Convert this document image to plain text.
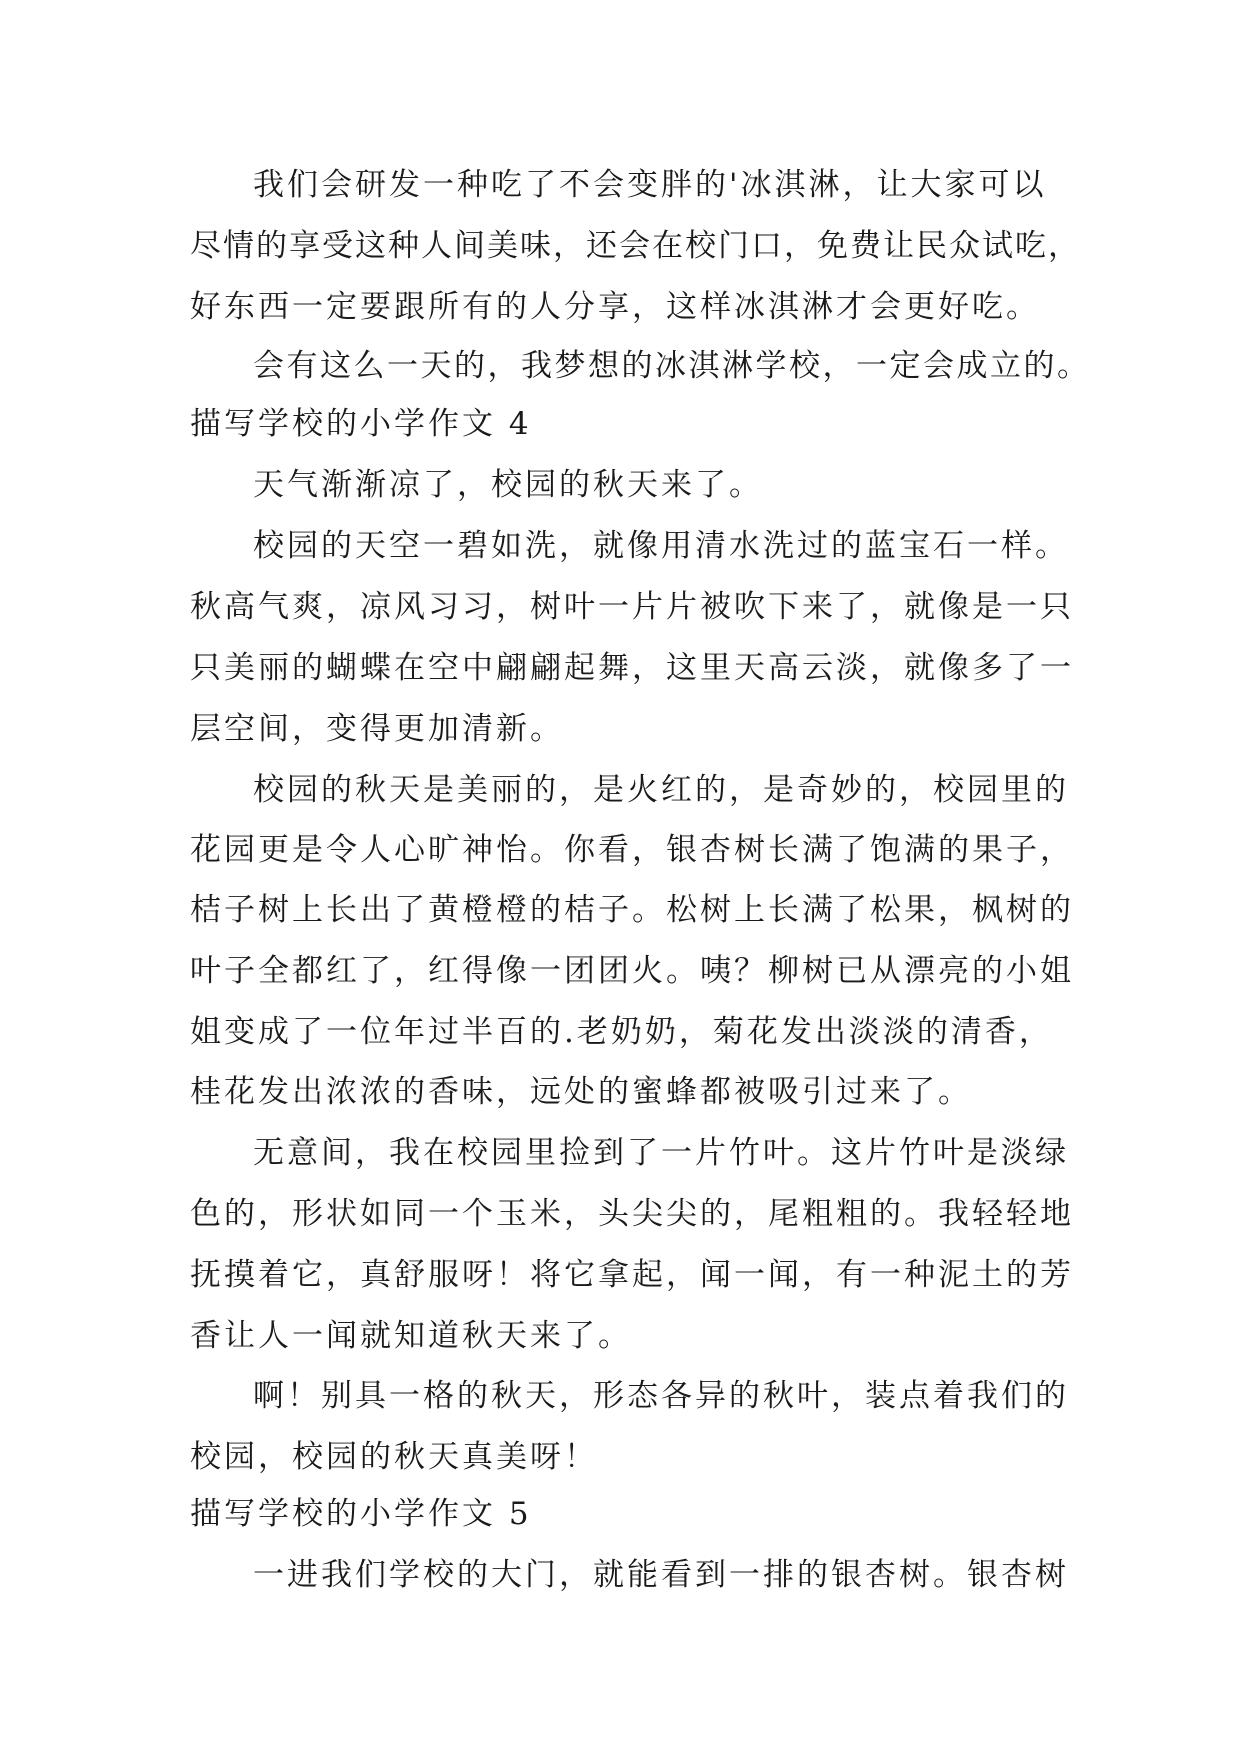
我们会研发一种吃了不会变胖的'冰淇淋，让大家可以
尽情的享受这种人间美味，还会在校门口，免费让民众试吃，
好东西一定要跟所有的人分享，这样冰淇淋才会更好吃。
会有这么一天的，我梦想的冰淇淋学校，一定会成立的。
描写学校的小学作文 4
天气渐渐凉了，校园的秋天来了。
校园的天空一碧如洗，就像用清水洗过的蓝宝石一样。
秋高气爽，凉风习习，树叶一片片被吹下来了，就像是一只
只美丽的蝴蝶在空中翩翩起舞，这里天高云淡，就像多了一
层空间，变得更加清新。
校园的秋天是美丽的，是火红的，是奇妙的，校园里的
花园更是令人心旷神怡。你看，银杏树长满了饱满的果子，
桔子树上长出了黄橙橙的桔子。松树上长满了松果，枫树的
叶子全都红了，红得像一团团火。咦？柳树已从漂亮的小姐
姐变成了一位年过半百的.老奶奶，菊花发出淡淡的清香，
桂花发出浓浓的香味，远处的蜜蜂都被吸引过来了。
无意间，我在校园里捡到了一片竹叶。这片竹叶是淡绿
色的，形状如同一个玉米，头尖尖的，尾粗粗的。我轻轻地
抚摸着它，真舒服呀！将它拿起，闻一闻，有一种泥土的芳
香让人一闻就知道秋天来了。
啊！别具一格的秋天，形态各异的秋叶，装点着我们的
校园，校园的秋天真美呀！
描写学校的小学作文 5
一进我们学校的大门，就能看到一排的银杏树。银杏树
